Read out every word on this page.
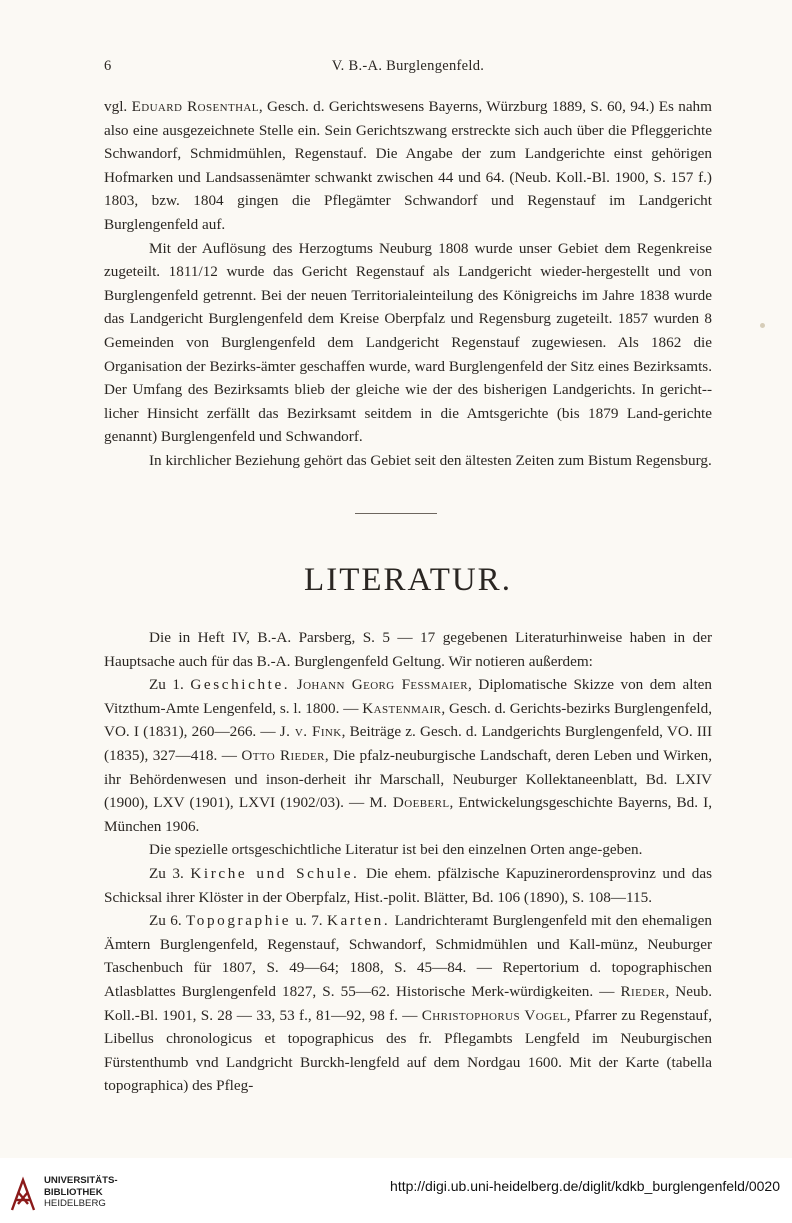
6	V. B.-A. Burglengenfeld.

vgl. Eduard Rosenthal, Gesch. d. Gerichtswesens Bayerns, Würzburg 1889, S. 60, 94.) Es nahm also eine ausgezeichnete Stelle ein. Sein Gerichtszwang erstreckte sich auch über die Pfleggerichte Schwandorf, Schmidmühlen, Regenstauf. Die Angabe der zum Landgerichte einst gehörigen Hofmarken und Landsassenämter schwankt zwischen 44 und 64. (Neub. Koll.-Bl. 1900, S. 157 f.) 1803, bzw. 1804 gingen die Pflegämter Schwandorf und Regenstauf im Landgericht Burglengenfeld auf.

Mit der Auflösung des Herzogtums Neuburg 1808 wurde unser Gebiet dem Regenkreise zugeteilt. 1811/12 wurde das Gericht Regenstauf als Landgericht wieder-hergestellt und von Burglengenfeld getrennt. Bei der neuen Territorialeinteilung des Königreichs im Jahre 1838 wurde das Landgericht Burglengenfeld dem Kreise Oberpfalz und Regensburg zugeteilt. 1857 wurden 8 Gemeinden von Burglengenfeld dem Landgericht Regenstauf zugewiesen. Als 1862 die Organisation der Bezirks-ämter geschaffen wurde, ward Burglengenfeld der Sitz eines Bezirksamts. Der Umfang des Bezirksamts blieb der gleiche wie der des bisherigen Landgerichts. In gericht-licher Hinsicht zerfällt das Bezirksamt seitdem in die Amtsgerichte (bis 1879 Land-gerichte genannt) Burglengenfeld und Schwandorf.

In kirchlicher Beziehung gehört das Gebiet seit den ältesten Zeiten zum Bistum Regensburg.

LITERATUR.

Die in Heft IV, B.-A. Parsberg, S. 5 — 17 gegebenen Literaturhinweise haben in der Hauptsache auch für das B.-A. Burglengenfeld Geltung. Wir notieren außerdem:

Zu 1. Geschichte. Johann Georg Fessmaier, Diplomatische Skizze von dem alten Vitzthum-Amte Lengenfeld, s. l. 1800. — Kastenmair, Gesch. d. Gerichts-bezirks Burglengenfeld, VO. I (1831), 260—266. — J. v. Fink, Beiträge z. Gesch. d. Landgerichts Burglengenfeld, VO. III (1835), 327—418. — Otto Rieder, Die pfalz-neuburgische Landschaft, deren Leben und Wirken, ihr Behördenwesen und inson-derheit ihr Marschall, Neuburger Kollektaneenblatt, Bd. LXIV (1900), LXV (1901), LXVI (1902/03). — M. Doeberl, Entwickelungsgeschichte Bayerns, Bd. I, München 1906.

Die spezielle ortsgeschichtliche Literatur ist bei den einzelnen Orten ange-geben.

Zu 3. Kirche und Schule. Die ehem. pfälzische Kapuzinerordensprovinz und das Schicksal ihrer Klöster in der Oberpfalz, Hist.-polit. Blätter, Bd. 106 (1890), S. 108—115.

Zu 6. Topographie u. 7. Karten. Landrichteramt Burglengenfeld mit den ehemaligen Ämtern Burglengenfeld, Regenstauf, Schwandorf, Schmidmühlen und Kall-münz, Neuburger Taschenbuch für 1807, S. 49—64; 1808, S. 45—84. — Repertorium d. topographischen Atlasblattes Burglengenfeld 1827, S. 55—62. Historische Merk-würdigkeiten. — Rieder, Neub. Koll.-Bl. 1901, S. 28 — 33, 53 f., 81—92, 98 f. — Christophorus Vogel, Pfarrer zu Regenstauf, Libellus chronologicus et topographicus des fr. Pflegambts Lengfeld im Neuburgischen Fürstenthumb vnd Landgricht Burckh-lengfeld auf dem Nordgau 1600. Mit der Karte (tabella topographica) des Pfleg-

UNIVERSITÄTS-
BIBLIOTHEK
HEIDELBERG
http://digi.ub.uni-heidelberg.de/diglit/kdkb_burglengenfeld/0020
